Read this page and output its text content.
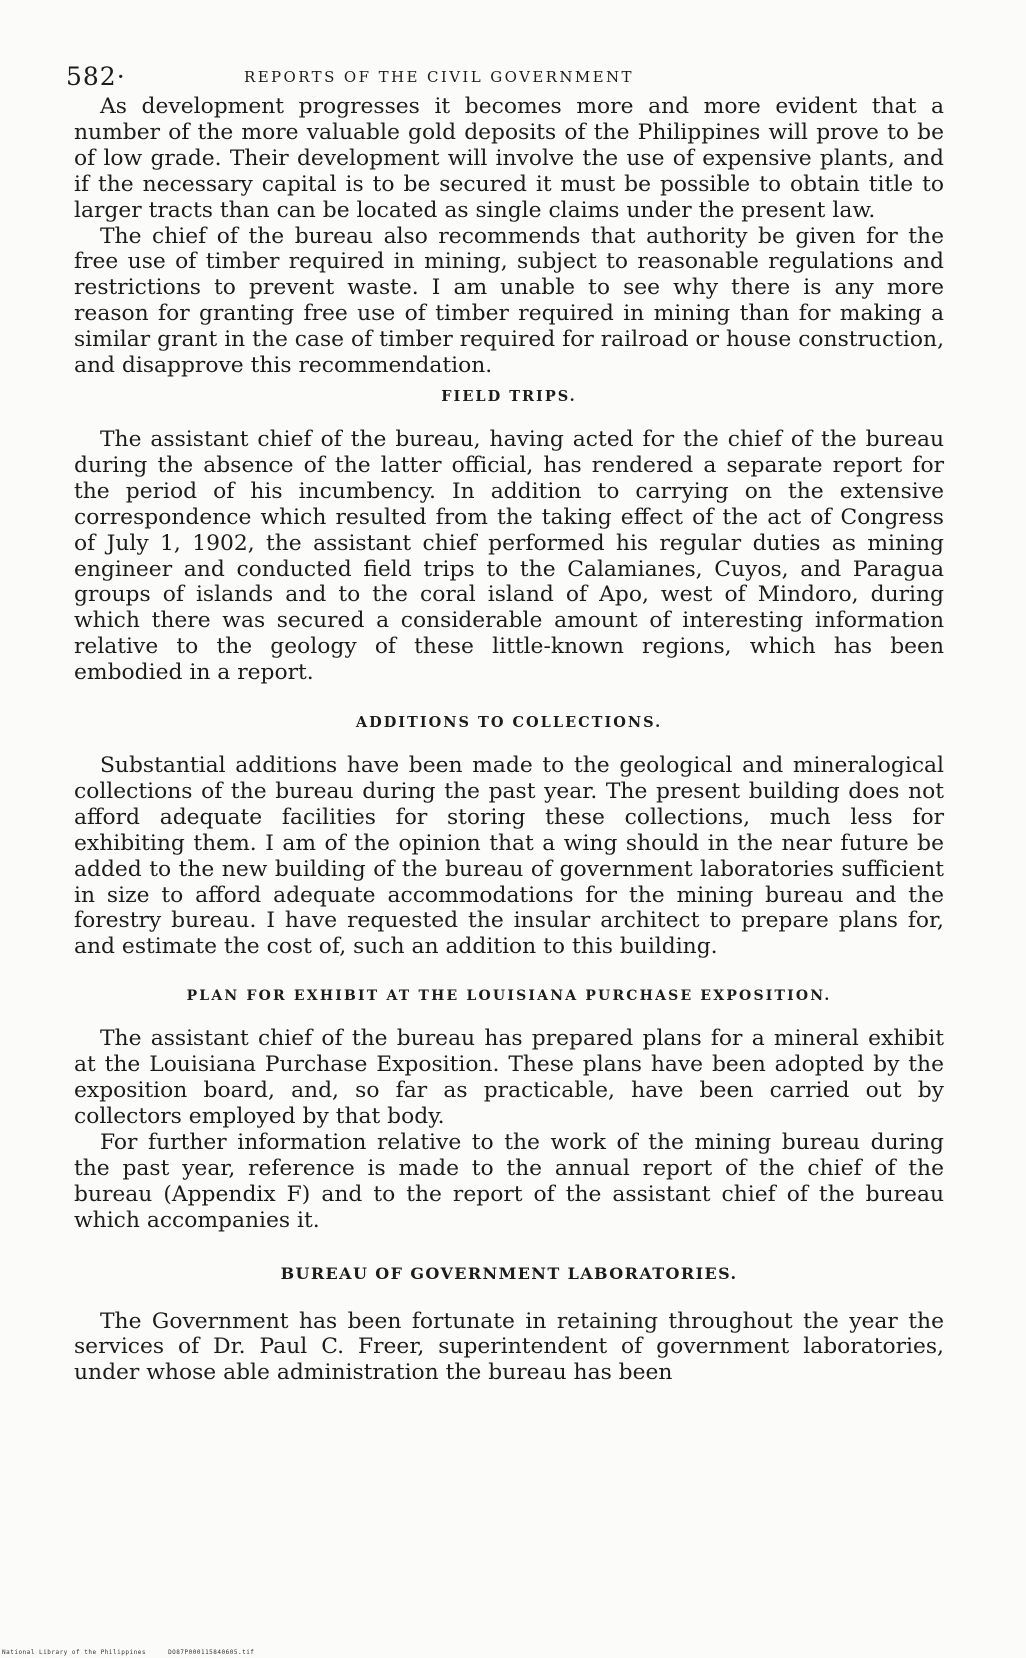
582·	REPORTS OF THE CIVIL GOVERNMENT

As development progresses it becomes more and more evident that a number of the more valuable gold deposits of the Philippines will prove to be of low grade. Their development will involve the use of expensive plants, and if the necessary capital is to be secured it must be possible to obtain title to larger tracts than can be located as single claims under the present law.

The chief of the bureau also recommends that authority be given for the free use of timber required in mining, subject to reasonable regulations and restrictions to prevent waste. I am unable to see why there is any more reason for granting free use of timber required in mining than for making a similar grant in the case of timber required for railroad or house construction, and disapprove this recommendation.

FIELD TRIPS.

The assistant chief of the bureau, having acted for the chief of the bureau during the absence of the latter official, has rendered a separate report for the period of his incumbency. In addition to carrying on the extensive correspondence which resulted from the taking effect of the act of Congress of July 1, 1902, the assistant chief performed his regular duties as mining engineer and conducted field trips to the Calamianes, Cuyos, and Paragua groups of islands and to the coral island of Apo, west of Mindoro, during which there was secured a considerable amount of interesting information relative to the geology of these little-known regions, which has been embodied in a report.

ADDITIONS TO COLLECTIONS.

Substantial additions have been made to the geological and mineralogical collections of the bureau during the past year. The present building does not afford adequate facilities for storing these collections, much less for exhibiting them. I am of the opinion that a wing should in the near future be added to the new building of the bureau of government laboratories sufficient in size to afford adequate accommodations for the mining bureau and the forestry bureau. I have requested the insular architect to prepare plans for, and estimate the cost of, such an addition to this building.

PLAN FOR EXHIBIT AT THE LOUISIANA PURCHASE EXPOSITION.

The assistant chief of the bureau has prepared plans for a mineral exhibit at the Louisiana Purchase Exposition. These plans have been adopted by the exposition board, and, so far as practicable, have been carried out by collectors employed by that body.

For further information relative to the work of the mining bureau during the past year, reference is made to the annual report of the chief of the bureau (Appendix F) and to the report of the assistant chief of the bureau which accompanies it.

BUREAU OF GOVERNMENT LABORATORIES.

The Government has been fortunate in retaining throughout the year the services of Dr. Paul C. Freer, superintendent of government laboratories, under whose able administration the bureau has been

National Library of the Philippines	DO87P000115840605.tif
